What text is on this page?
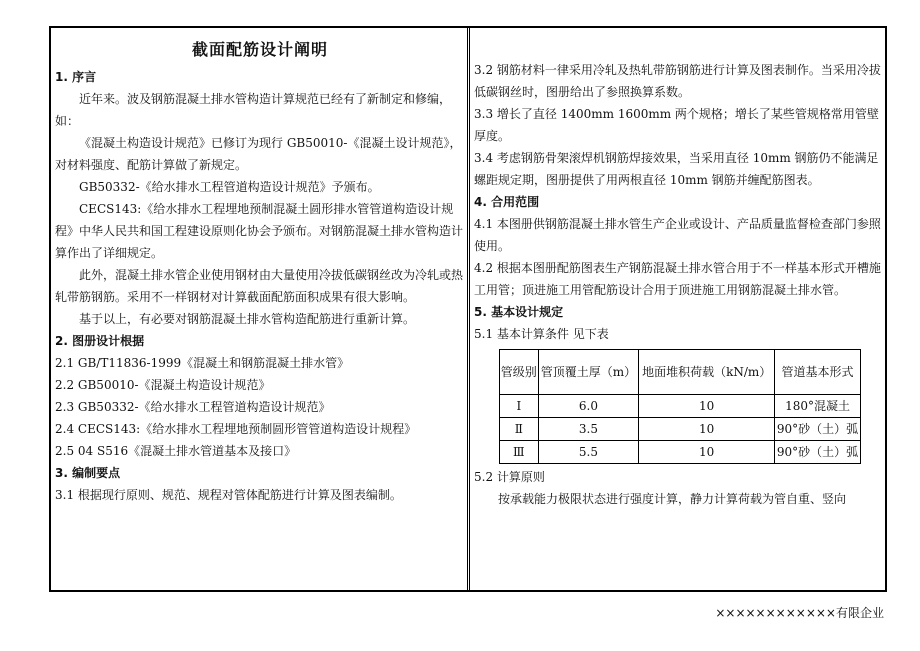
截面配筋设计阐明

1. 序言

近年来。波及钢筋混凝土排水管构造计算规范已经有了新制定和修编，如：

《混凝土构造设计规范》已修订为现行 GB50010-《混凝土设计规范》，对材料强度、配筋计算做了新规定。

GB50332-《给水排水工程管道构造设计规范》予颁布。

CECS143:《给水排水工程埋地预制混凝土圆形排水管管道构造设计规程》中华人民共和国工程建设原则化协会予颁布。对钢筋混凝土排水管构造计算作出了详细规定。

此外，混凝土排水管企业使用钢材由大量使用冷拔低碳钢丝改为冷轧或热轧带筋钢筋。采用不一样钢材对计算截面配筋面积成果有很大影响。

基于以上，有必要对钢筋混凝土排水管构造配筋进行重新计算。

2. 图册设计根据

2.1 GB/T11836-1999《混凝土和钢筋混凝土排水管》

2.2 GB50010-《混凝土构造设计规范》

2.3 GB50332-《给水排水工程管道构造设计规范》

2.4 CECS143:《给水排水工程埋地预制圆形管管道构造设计规程》

2.5 04 S516《混凝土排水管道基本及接口》

3. 编制要点

3.1 根据现行原则、规范、规程对管体配筋进行计算及图表编制。

3.2 钢筋材料一律采用冷轧及热轧带筋钢筋进行计算及图表制作。当采用冷拔低碳钢丝时，图册给出了参照换算系数。

3.3 增长了直径 1400mm 1600mm 两个规格；增长了某些管规格常用管壁厚度。

3.4 考虑钢筋骨架滚焊机钢筋焊接效果，当采用直径 10mm 钢筋仍不能满足螺距规定期，图册提供了用两根直径 10mm 钢筋并缠配筋图表。

4. 合用范围

4.1 本图册供钢筋混凝土排水管生产企业或设计、产品质量监督检查部门参照使用。

4.2 根据本图册配筋图表生产钢筋混凝土排水管合用于不一样基本形式开槽施工用管；顶进施工用管配筋设计合用于顶进施工用钢筋混凝土排水管。

5. 基本设计规定

5.1 基本计算条件 见下表

管级别	管顶覆土厚（m）	地面堆积荷载（kN/m）	管道基本形式
Ⅰ	6.0	10	180°混凝土
Ⅱ	3.5	10	90°砂（土）弧
Ⅲ	5.5	10	90°砂（土）弧

5.2 计算原则

按承载能力极限状态进行强度计算，静力计算荷载为管自重、竖向

××××××××××××有限企业
